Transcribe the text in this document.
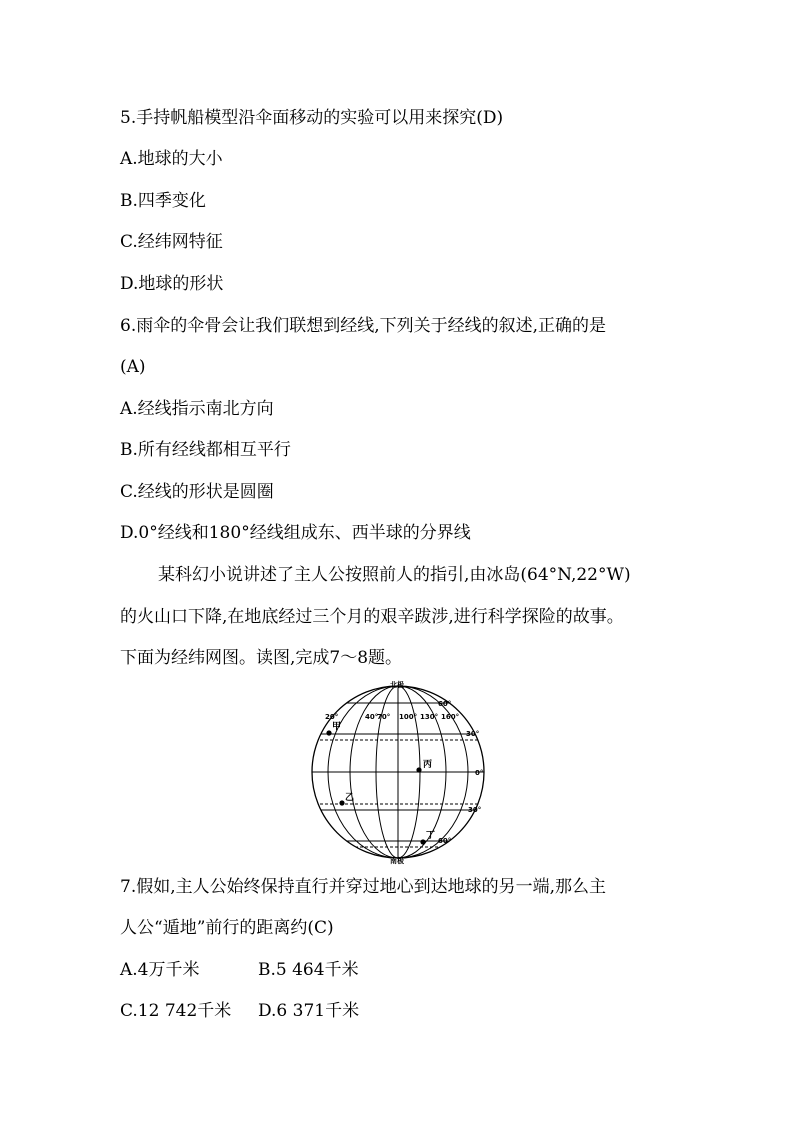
5.手持帆船模型沿伞面移动的实验可以用来探究(D)
A.地球的大小
B.四季变化
C.经纬网特征
D.地球的形状
6.雨伞的伞骨会让我们联想到经线,下列关于经线的叙述,正确的是
(A)
A.经线指示南北方向
B.所有经线都相互平行
C.经线的形状是圆圈
D.0°经线和180°经线组成东、西半球的分界线
某科幻小说讲述了主人公按照前人的指引,由冰岛(64°N,22°W)
的火山口下降,在地底经过三个月的艰辛跋涉,进行科学探险的故事。
下面为经纬网图。读图,完成7～8题。
北极
南极
20°	40°
70° 100° 130° 160°
60°
30°
0°
30°
60°
甲
乙
丙
丁
7.假如,主人公始终保持直行并穿过地心到达地球的另一端,那么主
人公“遁地”前行的距离约(C)
A.4万千米	B.5 464千米
C.12 742千米 D.6 371千米
